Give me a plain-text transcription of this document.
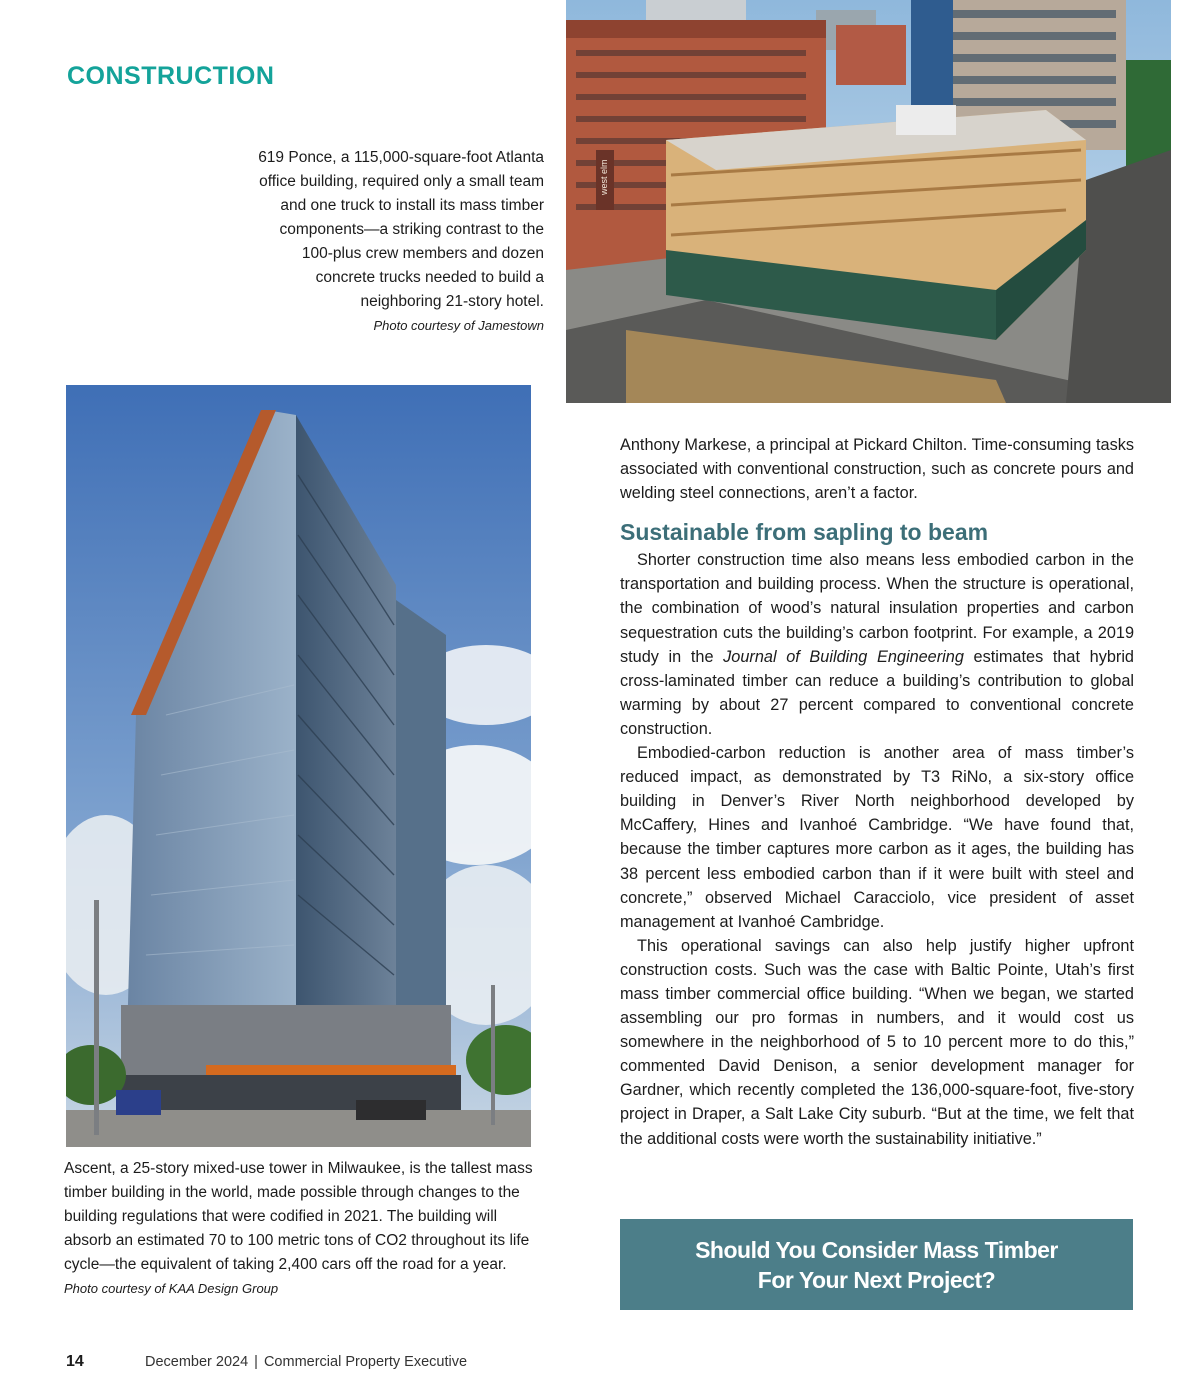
CONSTRUCTION
619 Ponce, a 115,000-square-foot Atlanta office building, required only a small team and one truck to install its mass timber components—a striking contrast to the 100-plus crew members and dozen concrete trucks needed to build a neighboring 21-story hotel.
Photo courtesy of Jamestown
west elm

Anthony Markese, a principal at Pickard Chilton. Time-consuming tasks associated with conventional construction, such as concrete pours and welding steel connections, aren’t a factor.

Sustainable from sapling to beam

Shorter construction time also means less embodied carbon in the transportation and building process. When the structure is operational, the combination of wood’s natural insulation properties and carbon sequestration cuts the building’s carbon footprint. For example, a 2019 study in the Journal of Building Engineering estimates that hybrid cross-laminated timber can reduce a building’s contribution to global warming by about 27 percent compared to conventional concrete construction.

Embodied-carbon reduction is another area of mass timber’s reduced impact, as demonstrated by T3 RiNo, a six-story office building in Denver’s River North neighborhood developed by McCaffery, Hines and Ivanhoé Cambridge. “We have found that, because the timber captures more carbon as it ages, the building has 38 percent less embodied carbon than if it were built with steel and concrete,” observed Michael Caracciolo, vice president of asset management at Ivanhoé Cambridge.

This operational savings can also help justify higher upfront construction costs. Such was the case with Baltic Pointe, Utah’s first mass timber commercial office building. “When we began, we started assembling our pro formas in numbers, and it would cost us somewhere in the neighborhood of 5 to 10 percent more to do this,” commented David Denison, a senior development manager for Gardner, which recently completed the 136,000-square-foot, five-story project in Draper, a Salt Lake City suburb. “But at the time, we felt that the additional costs were worth the sustainability initiative.”

Ascent, a 25-story mixed-use tower in Milwaukee, is the tallest mass timber building in the world, made possible through changes to the building regulations that were codified in 2021. The building will absorb an estimated 70 to 100 metric tons of CO2 throughout its life cycle—the equivalent of taking 2,400 cars off the road for a year. Photo courtesy of KAA Design Group
Should You Consider Mass Timber
For Your Next Project?
14	December 2024 | Commercial Property Executive
